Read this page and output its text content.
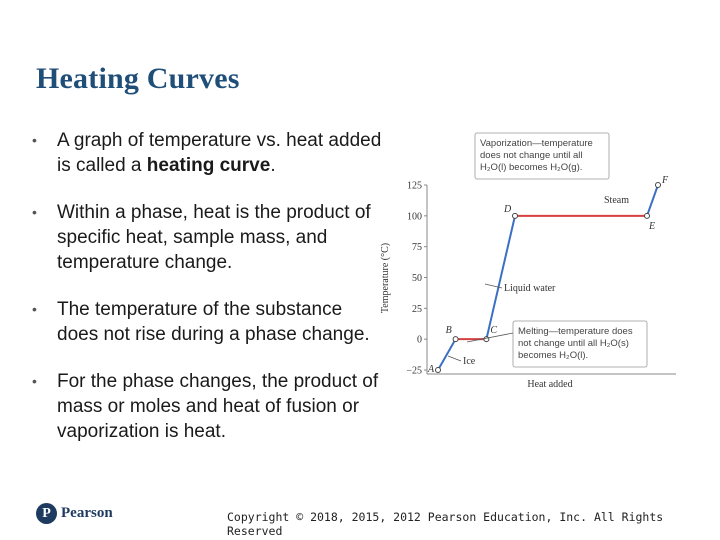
Heating Curves
• A graph of temperature vs. heat added is called a heating curve.
• Within a phase, heat is the product of specific heat, sample mass, and temperature change.
• The temperature of the substance does not rise during a phase change.
• For the phase changes, the product of mass or moles and heat of fusion or vaporization is heat.
125
100
75
50
25
0
−25
Temperature (°C)
Heat added
A
B	C
D
E
F
Steam
Liquid water
Ice
Vaporization—temperature
does not change until all
H₂O(l) becomes H₂O(g).
Melting—temperature does
not change until all H₂O(s)
becomes H₂O(l).
P Pearson	Copyright © 2018, 2015, 2012 Pearson Education, Inc. All Rights Reserved
